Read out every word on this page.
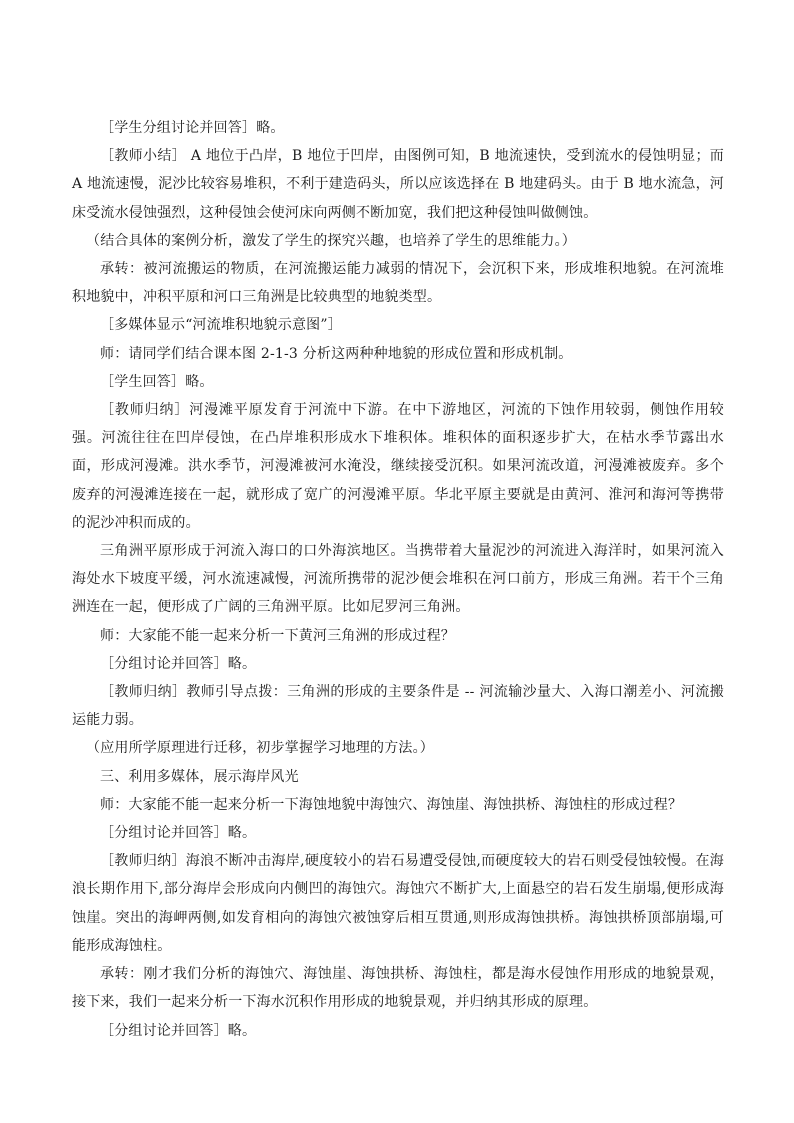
［学生分组讨论并回答］略。

［教师小结］ A 地位于凸岸，B 地位于凹岸，由图例可知，B 地流速快，受到流水的侵蚀明显；而 A 地流速慢，泥沙比较容易堆积，不利于建造码头，所以应该选择在 B 地建码头。由于 B 地水流急，河床受流水侵蚀强烈，这种侵蚀会使河床向两侧不断加宽，我们把这种侵蚀叫做侧蚀。

（结合具体的案例分析，激发了学生的探究兴趣，也培养了学生的思维能力。）

承转：被河流搬运的物质，在河流搬运能力减弱的情况下，会沉积下来，形成堆积地貌。在河流堆积地貌中，冲积平原和河口三角洲是比较典型的地貌类型。

［多媒体显示“河流堆积地貌示意图”］

师：请同学们结合课本图 2-1-3 分析这两种种地貌的形成位置和形成机制。

［学生回答］略。

［教师归纳］河漫滩平原发育于河流中下游。在中下游地区，河流的下蚀作用较弱，侧蚀作用较强。河流往往在凹岸侵蚀，在凸岸堆积形成水下堆积体。堆积体的面积逐步扩大，在枯水季节露出水面，形成河漫滩。洪水季节，河漫滩被河水淹没，继续接受沉积。如果河流改道，河漫滩被废弃。多个废弃的河漫滩连接在一起，就形成了宽广的河漫滩平原。华北平原主要就是由黄河、淮河和海河等携带的泥沙冲积而成的。

三角洲平原形成于河流入海口的口外海滨地区。当携带着大量泥沙的河流进入海洋时，如果河流入海处水下坡度平缓，河水流速减慢，河流所携带的泥沙便会堆积在河口前方，形成三角洲。若干个三角洲连在一起，便形成了广阔的三角洲平原。比如尼罗河三角洲。

师：大家能不能一起来分析一下黄河三角洲的形成过程？

［分组讨论并回答］略。

［教师归纳］教师引导点拨：三角洲的形成的主要条件是 -- 河流输沙量大、入海口潮差小、河流搬运能力弱。

（应用所学原理进行迁移，初步掌握学习地理的方法。）

三、利用多媒体，展示海岸风光

师：大家能不能一起来分析一下海蚀地貌中海蚀穴、海蚀崖、海蚀拱桥、海蚀柱的形成过程？

［分组讨论并回答］略。

［教师归纳］海浪不断冲击海岸,硬度较小的岩石易遭受侵蚀,而硬度较大的岩石则受侵蚀较慢。在海浪长期作用下,部分海岸会形成向内侧凹的海蚀穴。海蚀穴不断扩大,上面悬空的岩石发生崩塌,便形成海蚀崖。突出的海岬两侧,如发育相向的海蚀穴被蚀穿后相互贯通,则形成海蚀拱桥。海蚀拱桥顶部崩塌,可能形成海蚀柱。

承转：刚才我们分析的海蚀穴、海蚀崖、海蚀拱桥、海蚀柱，都是海水侵蚀作用形成的地貌景观，接下来，我们一起来分析一下海水沉积作用形成的地貌景观，并归纳其形成的原理。

［分组讨论并回答］略。
